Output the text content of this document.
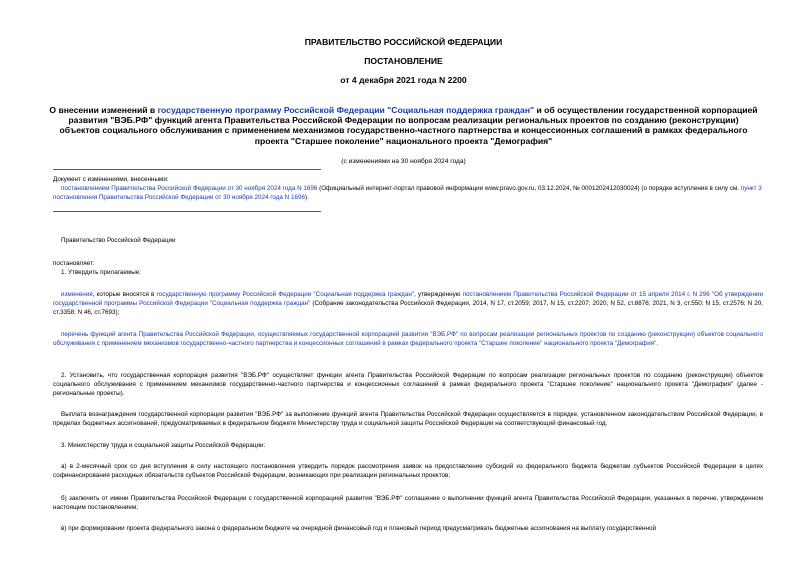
ПРАВИТЕЛЬСТВО РОССИЙСКОЙ ФЕДЕРАЦИИ
ПОСТАНОВЛЕНИЕ
от 4 декабря 2021 года N 2200
О внесении изменений в государственную программу Российской Федерации "Социальная поддержка граждан" и об осуществлении государственной корпорацией развития "ВЭБ.РФ" функций агента Правительства Российской Федерации по вопросам реализации региональных проектов по созданию (реконструкции) объектов социального обслуживания с применением механизмов государственно-частного партнерства и концессионных соглашений в рамках федерального проекта "Старшее поколение" национального проекта "Демография"
(с изменениями на 30 ноября 2024 года)
Документ с изменениями, внесенными:
постановлением Правительства Российской Федерации от 30 ноября 2024 года N 1696 (Официальный интернет-портал правовой информации www.pravo.gov.ru, 03.12.2024, № 0001202412030024) (о порядке вступления в силу см. пункт 3 постановления Правительства Российской Федерации от 30 ноября 2024 года N 1696).
Правительство Российской Федерации
постановляет:
1. Утвердить прилагаемые:
изменения, которые вносятся в государственную программу Российской Федерации "Социальная поддержка граждан", утвержденную постановлением Правительства Российской Федерации от 15 апреля 2014 г. N 296 "Об утверждении государственной программы Российской Федерации "Социальная поддержка граждан" (Собрание законодательства Российской Федерации, 2014, N 17, ст.2059; 2017, N 15, ст.2207; 2020, N 52, ст.8876; 2021, N 3, ст.550; N 15, ст.2576; N 20, ст.3358; N 46, ст.7693);
перечень функций агента Правительства Российской Федерации, осуществляемых государственной корпорацией развития "ВЭБ.РФ" по вопросам реализации региональных проектов по созданию (реконструкции) объектов социального обслуживания с применением механизмов государственно-частного партнерства и концессионных соглашений в рамках федерального проекта "Старшее поколение" национального проекта "Демография".
2. Установить, что государственная корпорация развития "ВЭБ.РФ" осуществляет функции агента Правительства Российской Федерации по вопросам реализации региональных проектов по созданию (реконструкции) объектов социального обслуживания с применением механизмов государственно-частного партнерства и концессионных соглашений в рамках федерального проекта "Старшее поколение" национального проекта "Демография" (далее - региональные проекты).
Выплата вознаграждения государственной корпорации развития "ВЭБ.РФ" за выполнение функций агента Правительства Российской Федерации осуществляется в порядке, установленном законодательством Российской Федерации, в пределах бюджетных ассигнований, предусматриваемых в федеральном бюджете Министерству труда и социальной защиты Российской Федерации на соответствующий финансовый год.
3. Министерству труда и социальной защиты Российской Федерации:
а) в 2-месячный срок со дня вступления в силу настоящего постановления утвердить порядок рассмотрения заявок на предоставление субсидий из федерального бюджета бюджетам субъектов Российской Федерации в целях софинансирования расходных обязательств субъектов Российской Федерации, возникающих при реализации региональных проектов;
б) заключить от имени Правительства Российской Федерации с государственной корпорацией развития "ВЭБ.РФ" соглашение о выполнении функций агента Правительства Российской Федерации, указанных в перечне, утвержденном настоящим постановлением;
в) при формировании проекта федерального закона о федеральном бюджете на очередной финансовый год и плановый период предусматривать бюджетные ассигнования на выплату государственной
